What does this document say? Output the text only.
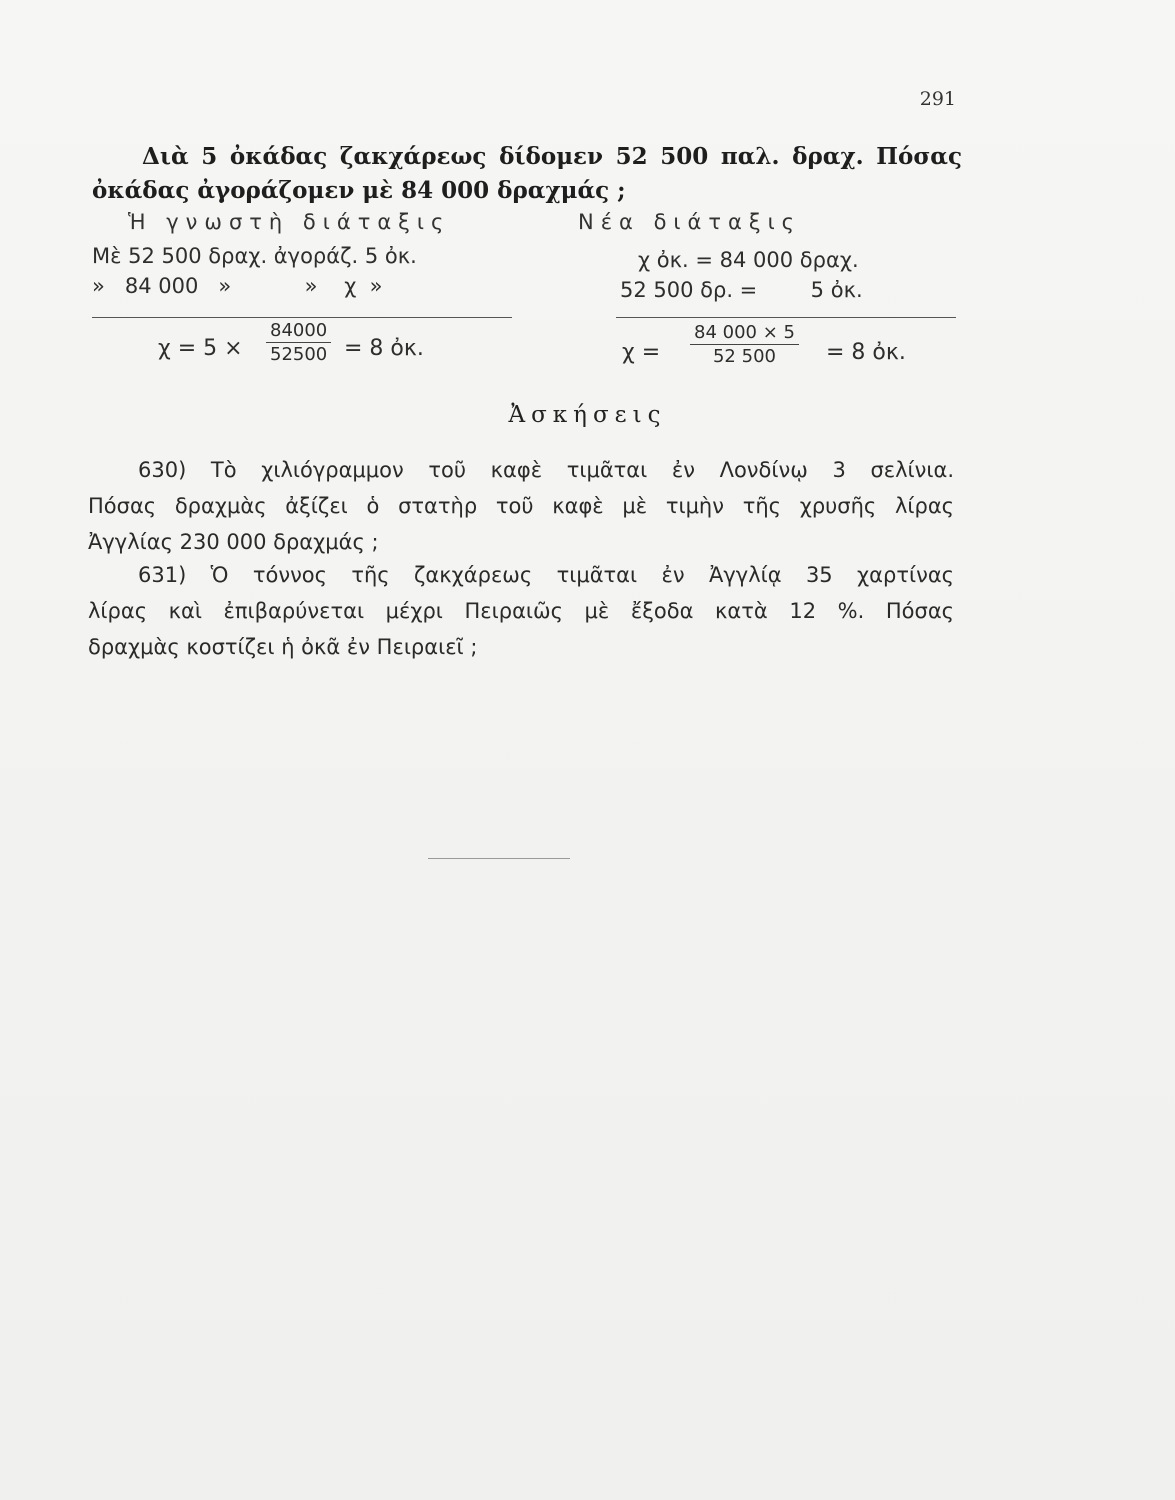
291
Διὰ 5 ὀκάδας ζακχάρεως δίδομεν 52 500 παλ. δραχ. Πόσας
ὀκάδας ἀγοράζομεν μὲ 84 000 δραχμάς ;
Ἡ γνωστὴ διάταξις
Μὲ 52 500 δραχ. ἀγοράζ. 5 ὀκ.
»   84 000   »           »    χ  »
χ = 5 ×
84000
52500 = 8 ὀκ.
Νέα διάταξις
χ ὀκ. = 84 000 δραχ.
52 500 δρ. =        5 ὀκ.
χ =
84 000 × 5
52 500	= 8 ὀκ.
Ἀσκήσεις
630) Τὸ χιλιόγραμμον τοῦ καφὲ τιμᾶται ἐν Λονδίνῳ 3 σελίνια.
Πόσας δραχμὰς ἀξίζει ὁ στατὴρ τοῦ καφὲ μὲ τιμὴν τῆς χρυσῆς λίρας
Ἀγγλίας 230 000 δραχμάς ;
631) Ὁ τόννος τῆς ζακχάρεως τιμᾶται ἐν Ἀγγλίᾳ 35 χαρτίνας
λίρας καὶ ἐπιβαρύνεται μέχρι Πειραιῶς μὲ ἔξοδα κατὰ 12 %. Πόσας
δραχμὰς κοστίζει ἡ ὀκᾶ ἐν Πειραιεῖ ;
